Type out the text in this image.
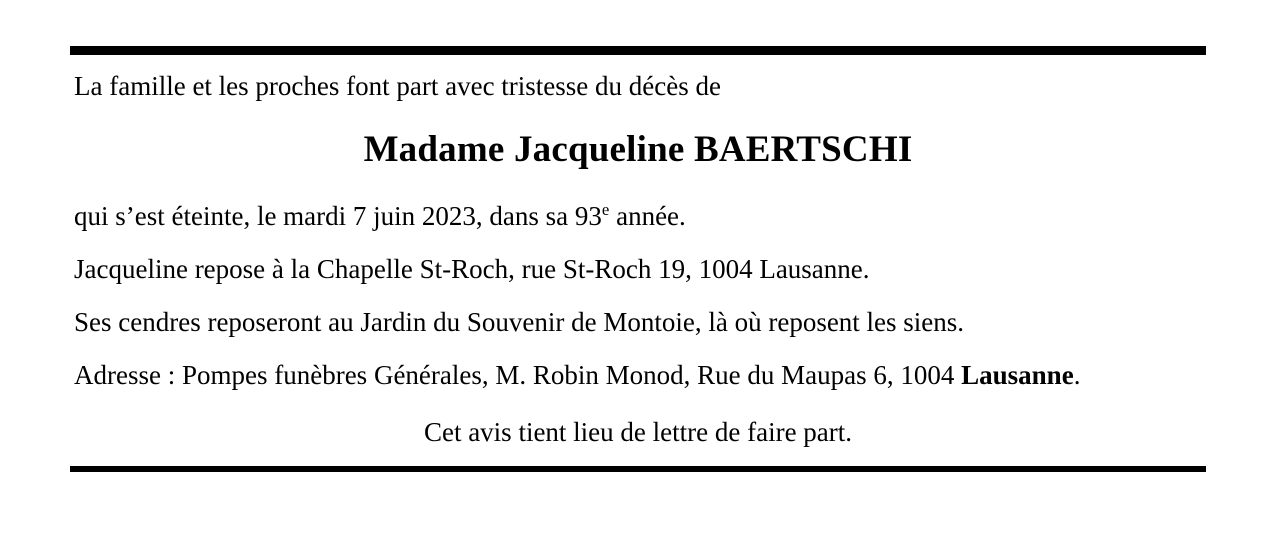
La famille et les proches font part avec tristesse du décès de

Madame Jacqueline BAERTSCHI

qui s’est éteinte, le mardi 7 juin 2023, dans sa 93e année.

Jacqueline repose à la Chapelle St-Roch, rue St-Roch 19, 1004 Lausanne.

Ses cendres reposeront au Jardin du Souvenir de Montoie, là où reposent les siens.

Adresse : Pompes funèbres Générales, M. Robin Monod, Rue du Maupas 6, 1004 Lausanne.

Cet avis tient lieu de lettre de faire part.
